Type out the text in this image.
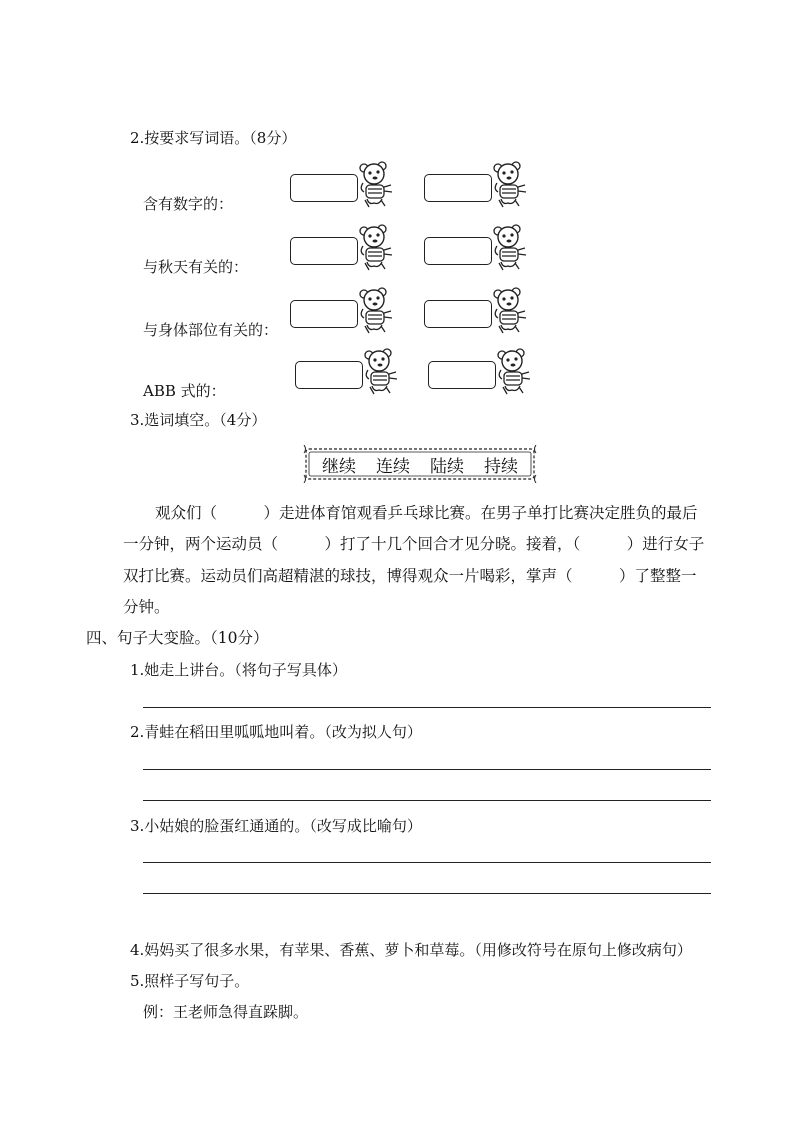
2.按要求写词语。（8分）
含有数字的：
与秋天有关的：
与身体部位有关的：
ABB 式的：
3.选词填空。（4分）
继续 连续 陆续 持续
观众们（　　　）走进体育馆观看乒乓球比赛。在男子单打比赛决定胜负的最后
一分钟，两个运动员（　　　）打了十几个回合才见分晓。接着，（　　　）进行女子
双打比赛。运动员们高超精湛的球技，博得观众一片喝彩，掌声（　　　）了整整一
分钟。
四、句子大变脸。（10分）
1.她走上讲台。（将句子写具体）
2.青蛙在稻田里呱呱地叫着。（改为拟人句）
3.小姑娘的脸蛋红通通的。（改写成比喻句）
4.妈妈买了很多水果，有苹果、香蕉、萝卜和草莓。（用修改符号在原句上修改病句）
5.照样子写句子。
例：王老师急得直跺脚。
